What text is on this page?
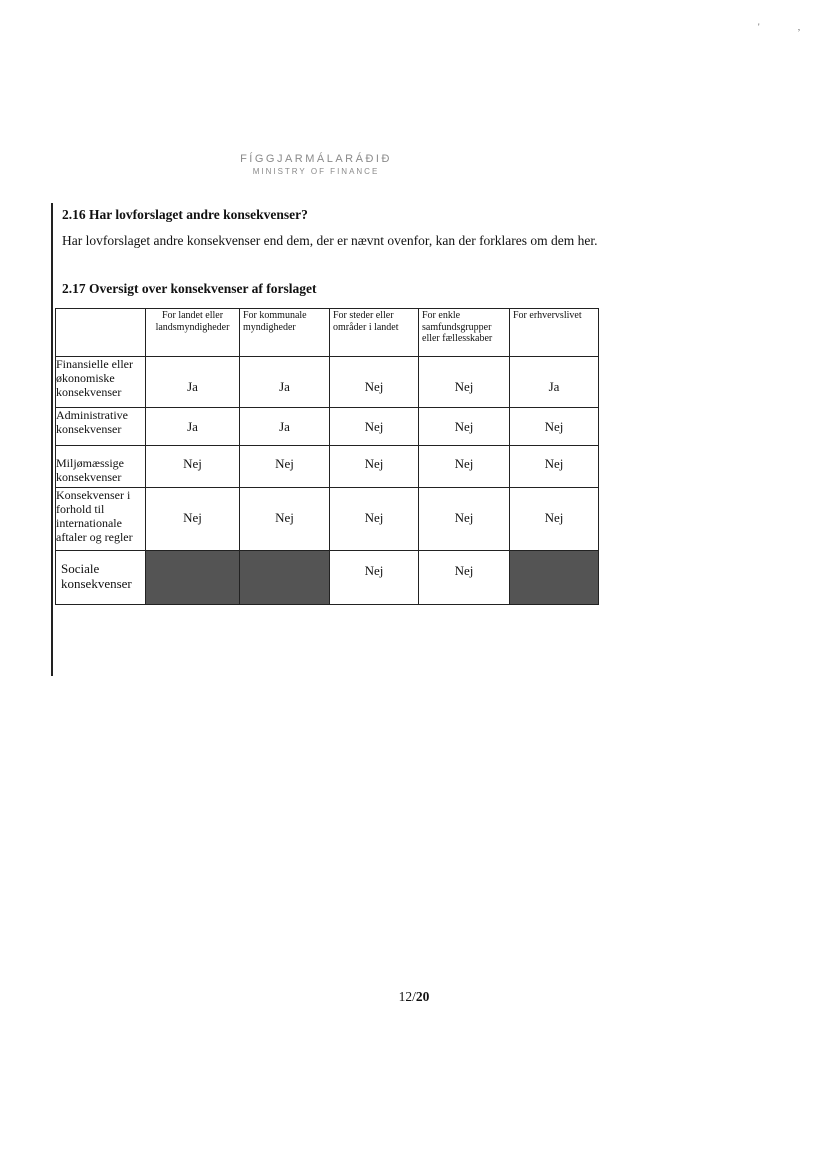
' ,
FÍGGJARMÁLARÁÐIÐ
MINISTRY OF FINANCE
2.16 Har lovforslaget andre konsekvenser?
Har lovforslaget andre konsekvenser end dem, der er nævnt ovenfor, kan der forklares om dem her.
2.17 Oversigt over konsekvenser af forslaget
	For landet eller landsmyndigheder	For kommunale myndigheder	For steder eller områder i landet	For enkle samfundsgrupper eller fællesskaber	For erhvervslivet
Finansielle eller økonomiske konsekvenser	Ja	Ja	Nej	Nej	Ja
Administrative konsekvenser	Ja	Ja	Nej	Nej	Nej
Miljømæssige konsekvenser	Nej	Nej	Nej	Nej	Nej
Konsekvenser i forhold til internationale aftaler og regler	Nej	Nej	Nej	Nej	Nej
Sociale konsekvenser			Nej	Nej	
12/20
